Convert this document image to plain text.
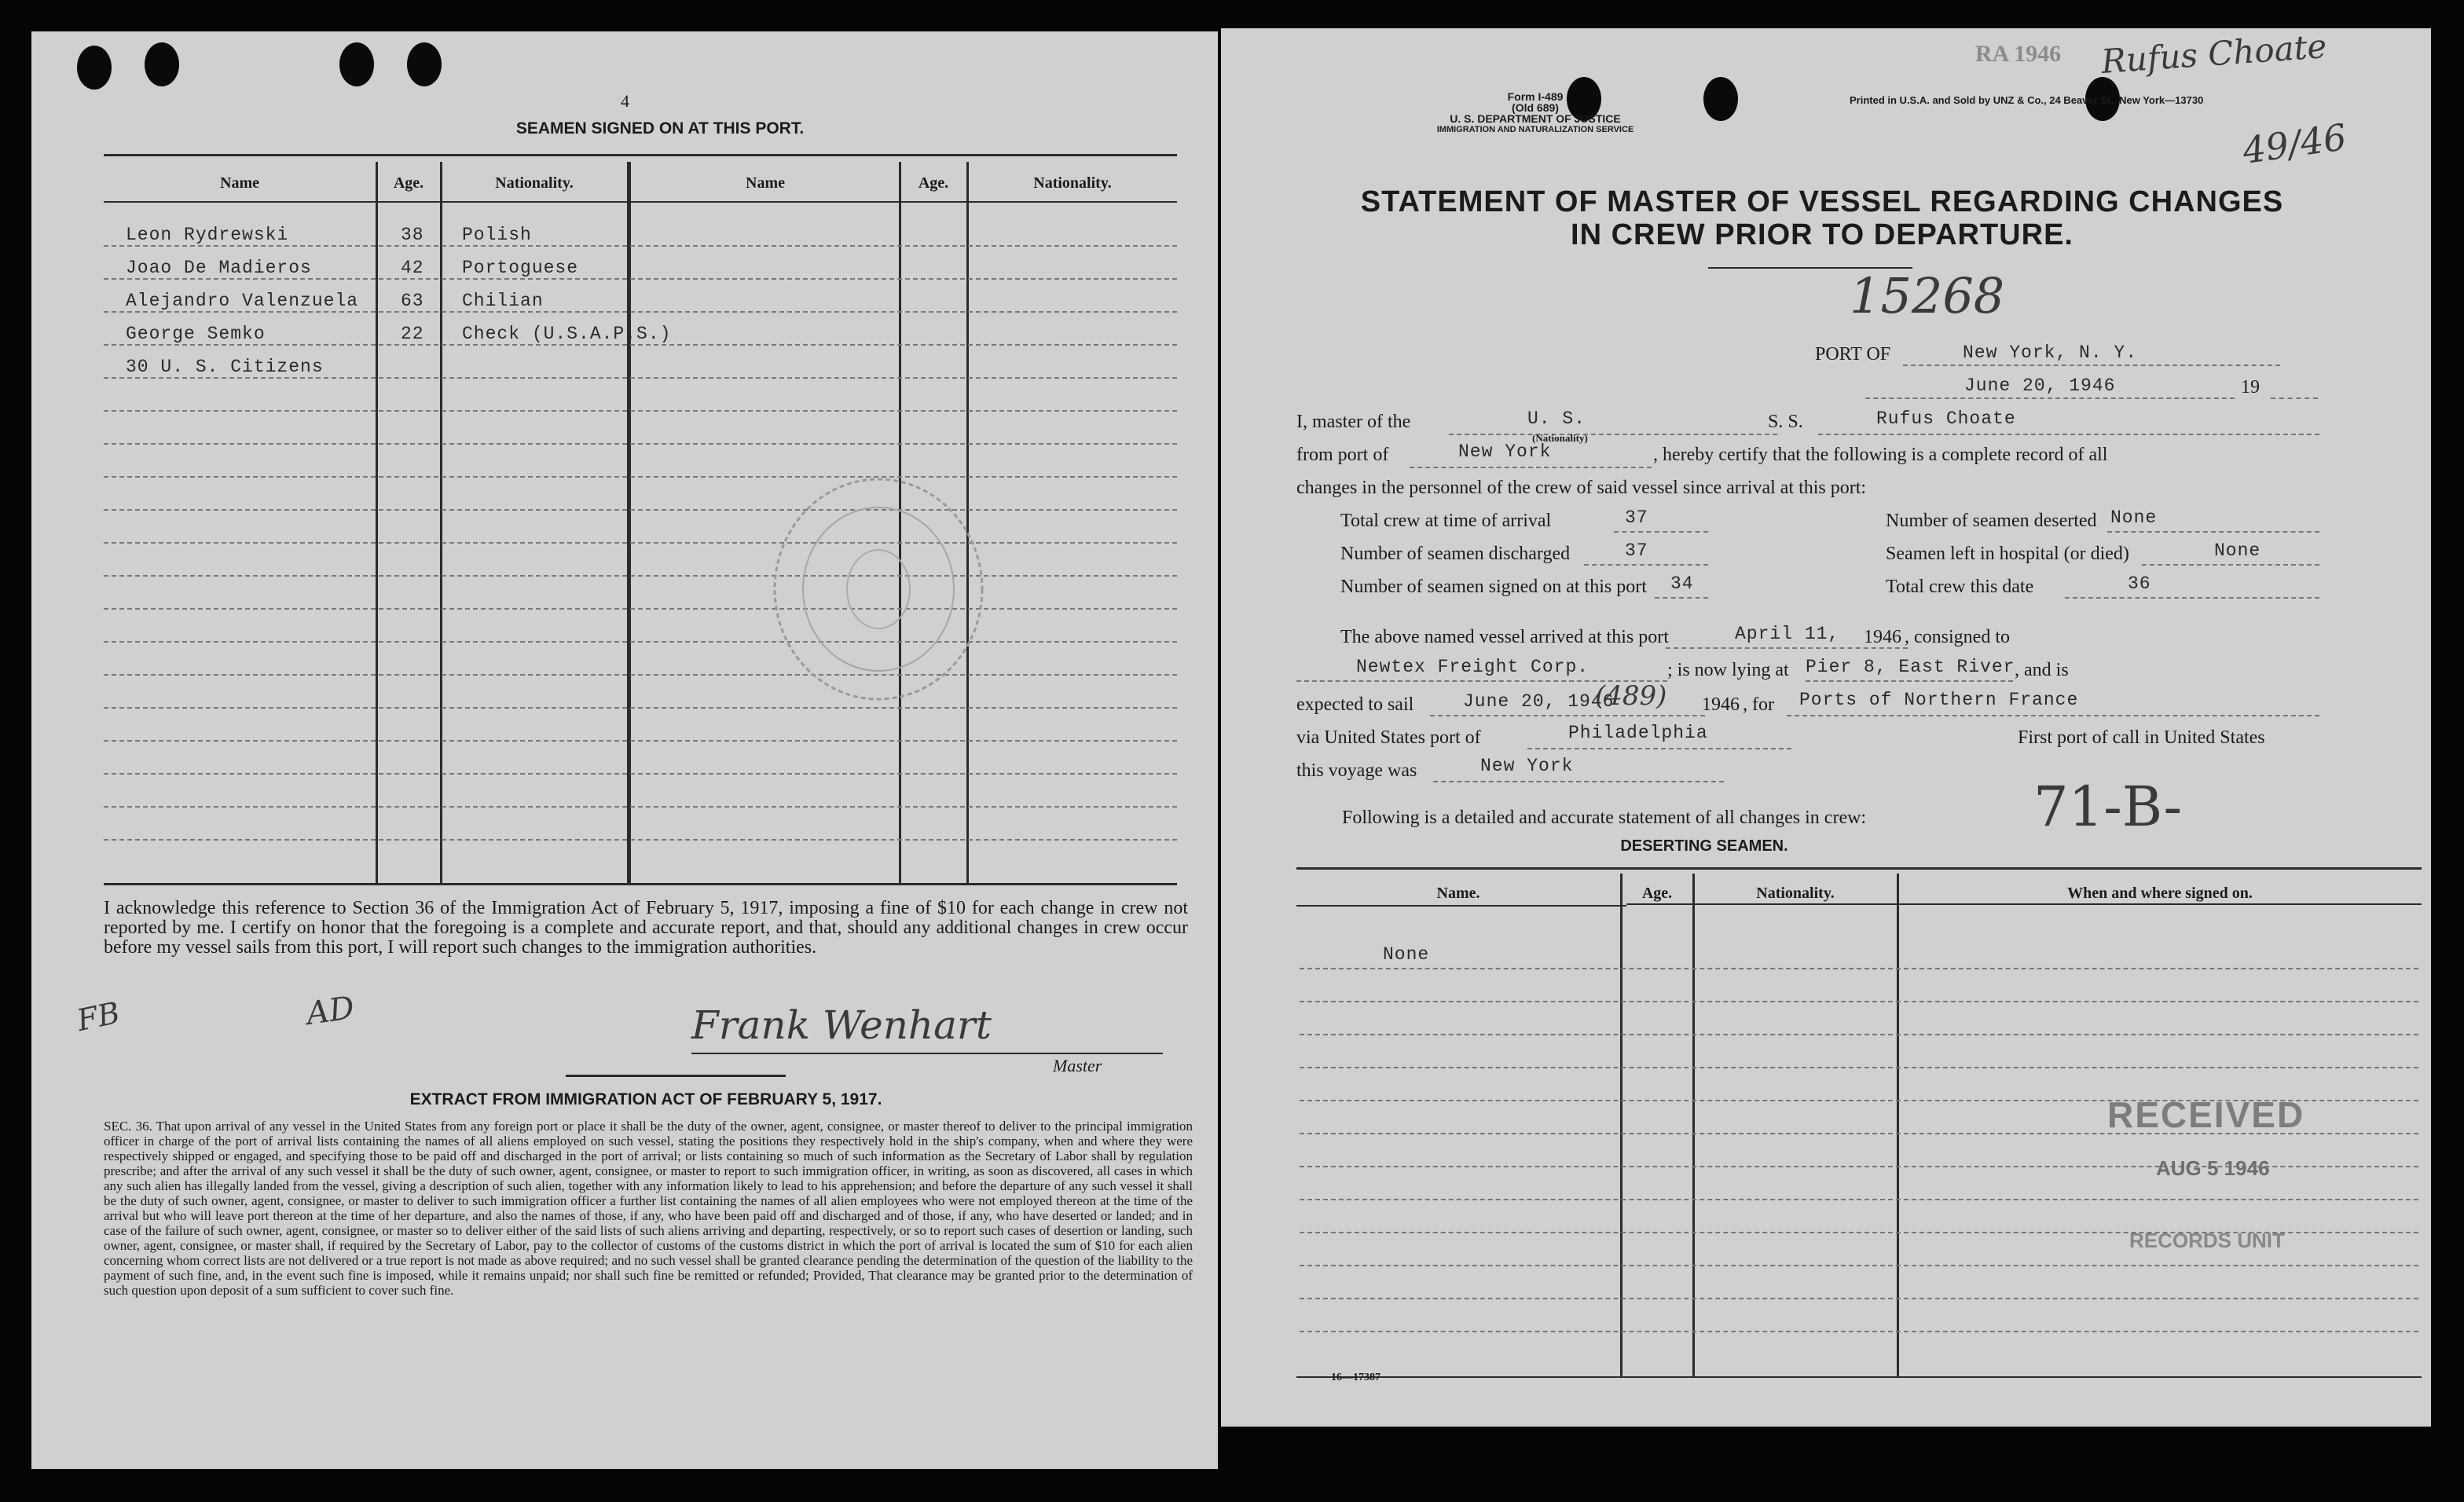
4
SEAMEN SIGNED ON AT THIS PORT.
Name	Age.	Nationality.	Name	Age.	Nationality.
Leon Rydrewski	38 Polish
Joao De Madieros	42 Portoguese
Alejandro Valenzuela 63 Chilian
George Semko	22 Check (U.S.A.P.S.)
30 U. S. Citizens
I acknowledge this reference to Section 36 of the Immigration Act of February 5, 1917, imposing a fine of $10 for each change in crew not reported by me. I certify on honor that the foregoing is a complete and accurate report, and that, should any additional changes in crew occur before my vessel sails from this port, I will report such changes to the immigration authorities.
FB	AD	Frank Wenhart
Master
EXTRACT FROM IMMIGRATION ACT OF FEBRUARY 5, 1917.
SEC. 36. That upon arrival of any vessel in the United States from any foreign port or place it shall be the duty of the owner, agent, consignee, or master thereof to deliver to the principal immigration officer in charge of the port of arrival lists containing the names of all aliens employed on such vessel, stating the positions they respectively hold in the ship's company, when and where they were respectively shipped or engaged, and specifying those to be paid off and discharged in the port of arrival; or lists containing so much of such information as the Secretary of Labor shall by regulation prescribe; and after the arrival of any such vessel it shall be the duty of such owner, agent, consignee, or master to report to such immigration officer, in writing, as soon as discovered, all cases in which any such alien has illegally landed from the vessel, giving a description of such alien, together with any information likely to lead to his apprehension; and before the departure of any such vessel it shall be the duty of such owner, agent, consignee, or master to deliver to such immigration officer a further list containing the names of all alien employees who were not employed thereon at the time of the arrival but who will leave port thereon at the time of her departure, and also the names of those, if any, who have been paid off and discharged and of those, if any, who have deserted or landed; and in case of the failure of such owner, agent, consignee, or master so to deliver either of the said lists of such aliens arriving and departing, respectively, or so to report such cases of desertion or landing, such owner, agent, consignee, or master shall, if required by the Secretary of Labor, pay to the collector of customs of the customs district in which the port of arrival is located the sum of $10 for each alien concerning whom correct lists are not delivered or a true report is not made as above required; and no such vessel shall be granted clearance pending the determination of the question of the liability to the payment of such fine, and, in the event such fine is imposed, while it remains unpaid; nor shall such fine be remitted or refunded; Provided, That clearance may be granted prior to the determination of such question upon deposit of a sum sufficient to cover such fine.
Form I-489
(Old 689)
U. S. DEPARTMENT OF JUSTICE
IMMIGRATION AND NATURALIZATION SERVICE
Printed in U.S.A. and Sold by UNZ & Co., 24 Beaver St., New York—13730
RA 1946 Rufus Choate
49/46
STATEMENT OF MASTER OF VESSEL REGARDING CHANGES
IN CREW PRIOR TO DEPARTURE.
15268
PORT OF	New York, N. Y.
June 20, 1946	19
I, master of the	U. S.
(Nationality)
S. S.	Rufus Choate
from port of	New York	, hereby certify that the following is a complete record of all
changes in the personnel of the crew of said vessel since arrival at this port:
Total crew at time of arrival	37	Number of seamen deserted None
Number of seamen discharged	37	Seamen left in hospital (or died)	None
Number of seamen signed on at this port 34	Total crew this date	36
The above named vessel arrived at this port	April 11, 1946 , consigned to
Newtex Freight Corp.	; is now lying at Pier 8, East River , and is
expected to sail	June 20, 1946
(489) 1946 , for Ports of Northern France
via United States port of	Philadelphia	First port of call in United States
this voyage was	New York
Following is a detailed and accurate statement of all changes in crew:	71-B-
DESERTING SEAMEN.
Name.	Age.	Nationality.	When and where signed on.
None
RECEIVED
AUG 5 1946
RECORDS UNIT
16—17387
